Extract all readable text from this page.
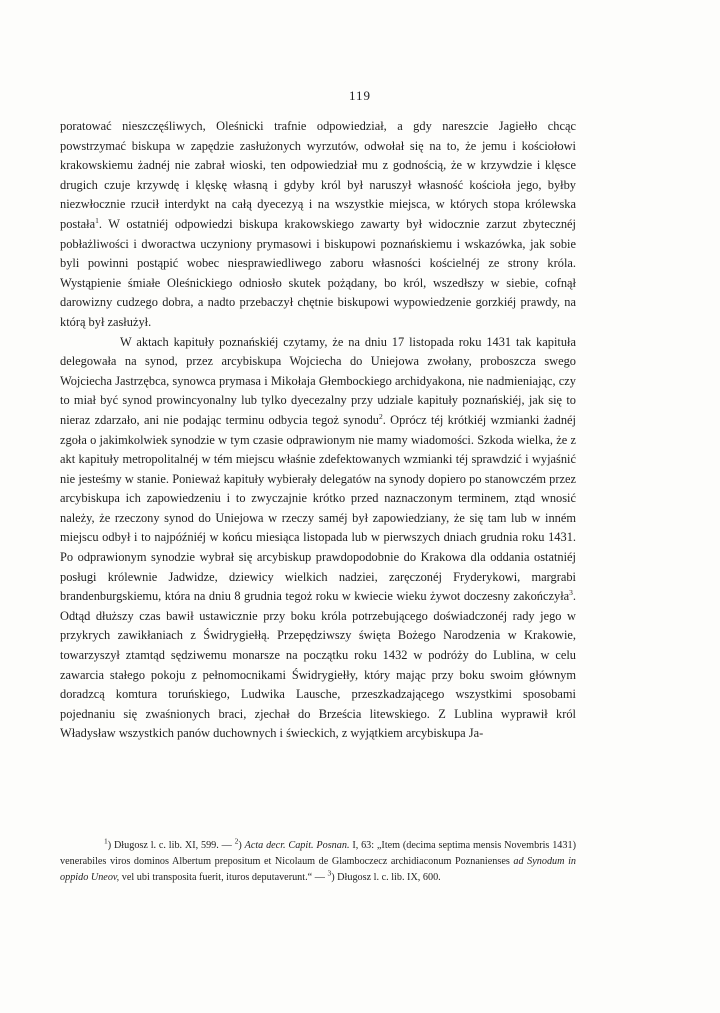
119

poratować nieszczęśliwych, Oleśnicki trafnie odpowiedział, a gdy nareszcie Jagiełło chcąc powstrzymać biskupa w zapędzie zasłużonych wyrzutów, odwołał się na to, że jemu i kościołowi krakowskiemu żadnéj nie zabrał wioski, ten odpowiedział mu z godnością, że w krzywdzie i klęsce drugich czuje krzywdę i klęskę własną i gdyby król był naruszył własność kościoła jego, byłby niezwłocznie rzucił interdykt na całą dyecezyą i na wszystkie miejsca, w których stopa królewska postała$^1$. W ostatniéj odpowiedzi biskupa krakowskiego zawarty był widocznie zarzut zbytecznéj pobłażliwości i dworactwa uczyniony prymasowi i biskupowi poznańskiemu i wskazówka, jak sobie byli powinni postąpić wobec niesprawiedliwego zaboru własności kościelnéj ze strony króla. Wystąpienie śmiałe Oleśnickiego odniosło skutek pożądany, bo król, wszedłszy w siebie, cofnął darowizny cudzego dobra, a nadto przebaczył chętnie biskupowi wypowiedzenie gorzkiéj prawdy, na którą był zasłużył.

W aktach kapituły poznańskiéj czytamy, że na dniu 17 listopada roku 1431 tak kapituła delegowała na synod, przez arcybiskupa Wojciecha do Uniejowa zwołany, proboszcza swego Wojciecha Jastrzębca, synowca prymasa i Mikołaja Głembockiego archidyakona, nie nadmieniając, czy to miał być synod prowincyonalny lub tylko dyecezalny przy udziale kapituły poznańskiéj, jak się to nieraz zdarzało, ani nie podając terminu odbycia tegoż synodu$^2$. Oprócz téj krótkiéj wzmianki żadnéj zgoła o jakimkolwiek synodzie w tym czasie odprawionym nie mamy wiadomości. Szkoda wielka, że z akt kapituły metropolitalnéj w tém miejscu właśnie zdefektowanych wzmianki téj sprawdzić i wyjaśnić nie jesteśmy w stanie. Ponieważ kapituły wybierały delegatów na synody dopiero po stanowczém przez arcybiskupa ich zapowiedzeniu i to zwyczajnie krótko przed naznaczonym terminem, ztąd wnosić należy, że rzeczony synod do Uniejowa w rzeczy saméj był zapowiedziany, że się tam lub w inném miejscu odbył i to najpóźniéj w końcu miesiąca listopada lub w pierwszych dniach grudnia roku 1431. Po odprawionym synodzie wybrał się arcybiskup prawdopodobnie do Krakowa dla oddania ostatniéj posługi królewnie Jadwidze, dziewicy wielkich nadziei, zaręczonéj Fryderykowi, margrabi brandenburgskiemu, która na dniu 8 grudnia tegoż roku w kwiecie wieku żywot doczesny zakończyła$^3$. Odtąd dłuższy czas bawił ustawicznie przy boku króla potrzebującego doświadczonéj rady jego w przykrych zawikłaniach z Świdrygiełłą. Przepędziwszy święta Bożego Narodzenia w Krakowie, towarzyszył ztamtąd sędziwemu monarsze na początku roku 1432 w podróży do Lublina, w celu zawarcia stałego pokoju z pełnomocnikami Świdrygiełły, który mając przy boku swoim głównym doradzcą komtura toruńskiego, Ludwika Lausche, przeszkadzającego wszystkimi sposobami pojednaniu się zwaśnionych braci, zjechał do Brześcia litewskiego. Z Lublina wyprawił król Władysław wszystkich panów duchownych i świeckich, z wyjątkiem arcybiskupa Ja-

$^1$) Długosz l. c. lib. XI, 599. — $^2$) Acta decr. Capit. Posnan. I, 63: „Item (decima septima mensis Novembris 1431) venerabiles viros dominos Albertum prepositum et Nicolaum de Glamboczecz archidiaconum Poznanienses ad Synodum in oppido Uneov, vel ubi transposita fuerit, ituros deputaverunt.“ — $^3$) Długosz l. c. lib. IX, 600.
